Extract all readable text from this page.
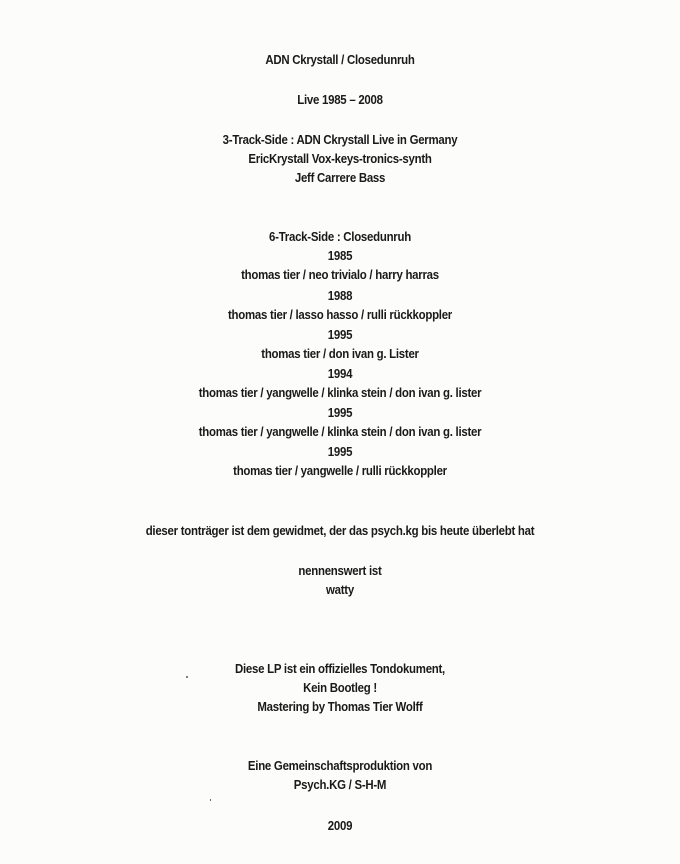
ADN Ckrystall / Closedunruh
Live 1985 – 2008
3-Track-Side : ADN Ckrystall Live in Germany
EricKrystall Vox-keys-tronics-synth
Jeff Carrere Bass
6-Track-Side : Closedunruh
1985
thomas tier / neo trivialo / harry harras
1988
thomas tier / lasso hasso / rulli rückkoppler
1995
thomas tier / don ivan g. Lister
1994
thomas tier / yangwelle / klinka stein / don ivan g. lister
1995
thomas tier / yangwelle / klinka stein / don ivan g. lister
1995
thomas tier / yangwelle / rulli rückkoppler
dieser tonträger ist dem gewidmet, der das psych.kg bis heute überlebt hat
nennenswert ist
watty
Diese LP ist ein offizielles Tondokument,
Kein Bootleg !
Mastering by Thomas Tier Wolff
Eine Gemeinschaftsproduktion von
Psych.KG / S-H-M
2009
